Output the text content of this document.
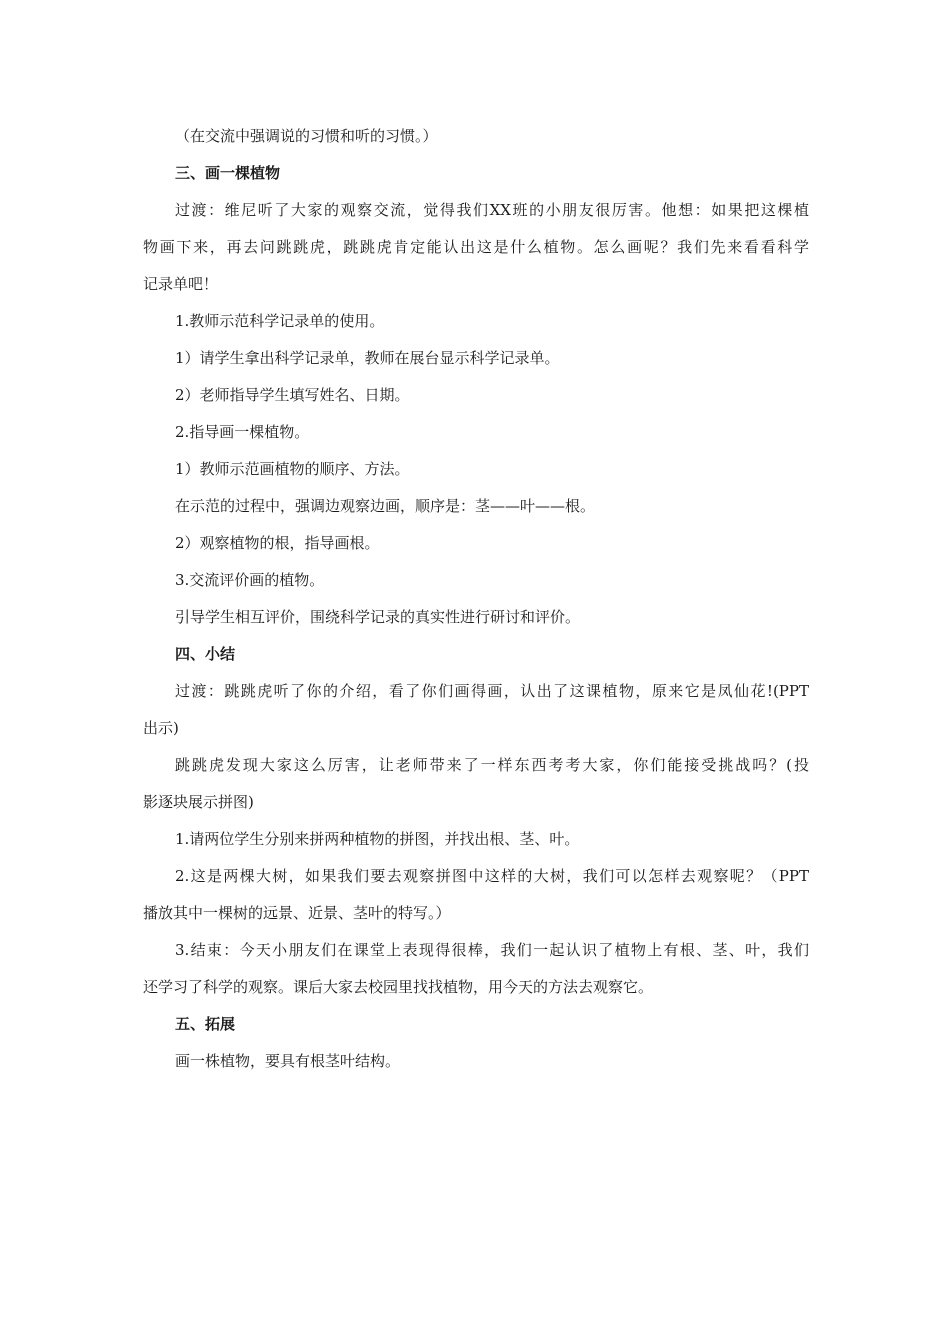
（在交流中强调说的习惯和听的习惯。）
三、画一棵植物
过渡：维尼听了大家的观察交流，觉得我们XX班的小朋友很厉害。他想：如果把这棵植
物画下来，再去问跳跳虎，跳跳虎肯定能认出这是什么植物。怎么画呢？我们先来看看科学
记录单吧！
1.教师示范科学记录单的使用。
1）请学生拿出科学记录单，教师在展台显示科学记录单。
2）老师指导学生填写姓名、日期。
2.指导画一棵植物。
1）教师示范画植物的顺序、方法。
在示范的过程中，强调边观察边画，顺序是：茎——叶——根。
2）观察植物的根，指导画根。
3.交流评价画的植物。
引导学生相互评价，围绕科学记录的真实性进行研讨和评价。
四、小结
过渡：跳跳虎听了你的介绍，看了你们画得画，认出了这课植物，原来它是凤仙花!(PPT
出示)
跳跳虎发现大家这么厉害，让老师带来了一样东西考考大家，你们能接受挑战吗？(投
影逐块展示拼图)
1.请两位学生分别来拼两种植物的拼图，并找出根、茎、叶。
2.这是两棵大树，如果我们要去观察拼图中这样的大树，我们可以怎样去观察呢？（PPT
播放其中一棵树的远景、近景、茎叶的特写。）
3.结束：今天小朋友们在课堂上表现得很棒，我们一起认识了植物上有根、茎、叶，我们
还学习了科学的观察。课后大家去校园里找找植物，用今天的方法去观察它。
五、拓展
画一株植物，要具有根茎叶结构。
